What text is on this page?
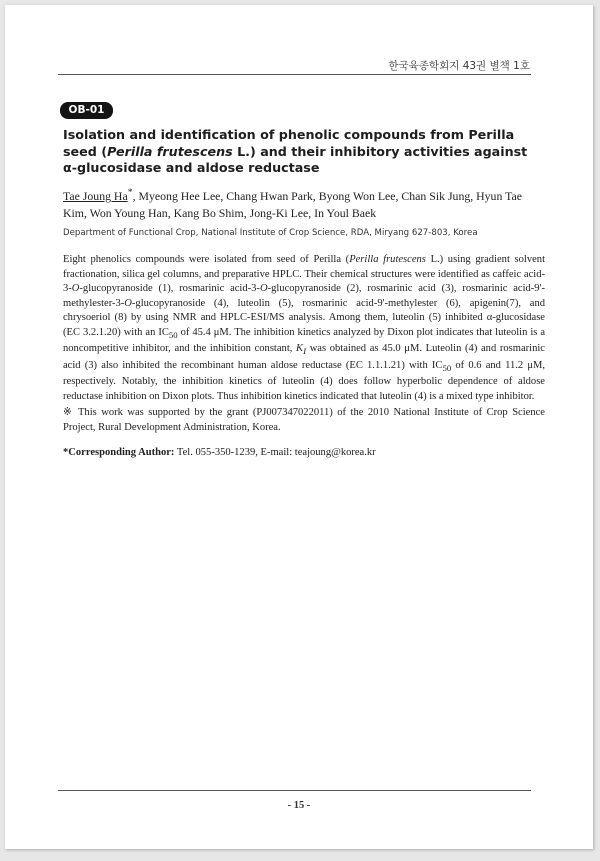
한국육종학회지 43권 별책 1호
OB-01
Isolation and identification of phenolic compounds from Perilla seed (Perilla frutescens L.) and their inhibitory activities against α-glucosidase and aldose reductase
Tae Joung Ha*, Myeong Hee Lee, Chang Hwan Park, Byong Won Lee, Chan Sik Jung, Hyun Tae Kim, Won Young Han, Kang Bo Shim, Jong-Ki Lee, In Youl Baek
Department of Functional Crop, National Institute of Crop Science, RDA, Miryang 627-803, Korea

Eight phenolics compounds were isolated from seed of Perilla (Perilla frutescens L.) using gradient solvent fractionation, silica gel columns, and preparative HPLC. Their chemical structures were identified as caffeic acid-3-O-glucopyranoside (1), rosmarinic acid-3-O-glucopyranoside (2), rosmarinic acid (3), rosmarinic acid-9'-methylester-3-O-glucopyranoside (4), luteolin (5), rosmarinic acid-9'-methylester (6), apigenin(7), and chrysoeriol (8) by using NMR and HPLC-ESI/MS analysis. Among them, luteolin (5) inhibited α-glucosidase (EC 3.2.1.20) with an $IC_{50}$ of 45.4 μM. The inhibition kinetics analyzed by Dixon plot indicates that luteolin is a noncompetitive inhibitor, and the inhibition constant, $K_I$ was obtained as 45.0 μM. Luteolin (4) and rosmarinic acid (3) also inhibited the recombinant human aldose reductase (EC 1.1.1.21) with $IC_{50}$ of 0.6 and 11.2 μM, respectively. Notably, the inhibition kinetics of luteolin (4) does follow hyperbolic dependence of aldose reductase inhibition on Dixon plots. Thus inhibition kinetics indicated that luteolin (4) is a mixed type inhibitor.

※ This work was supported by the grant (PJ007347022011) of the 2010 National Institute of Crop Science Project, Rural Development Administration, Korea.

*Corresponding Author: Tel. 055-350-1239, E-mail: teajoung@korea.kr
- 15 -
